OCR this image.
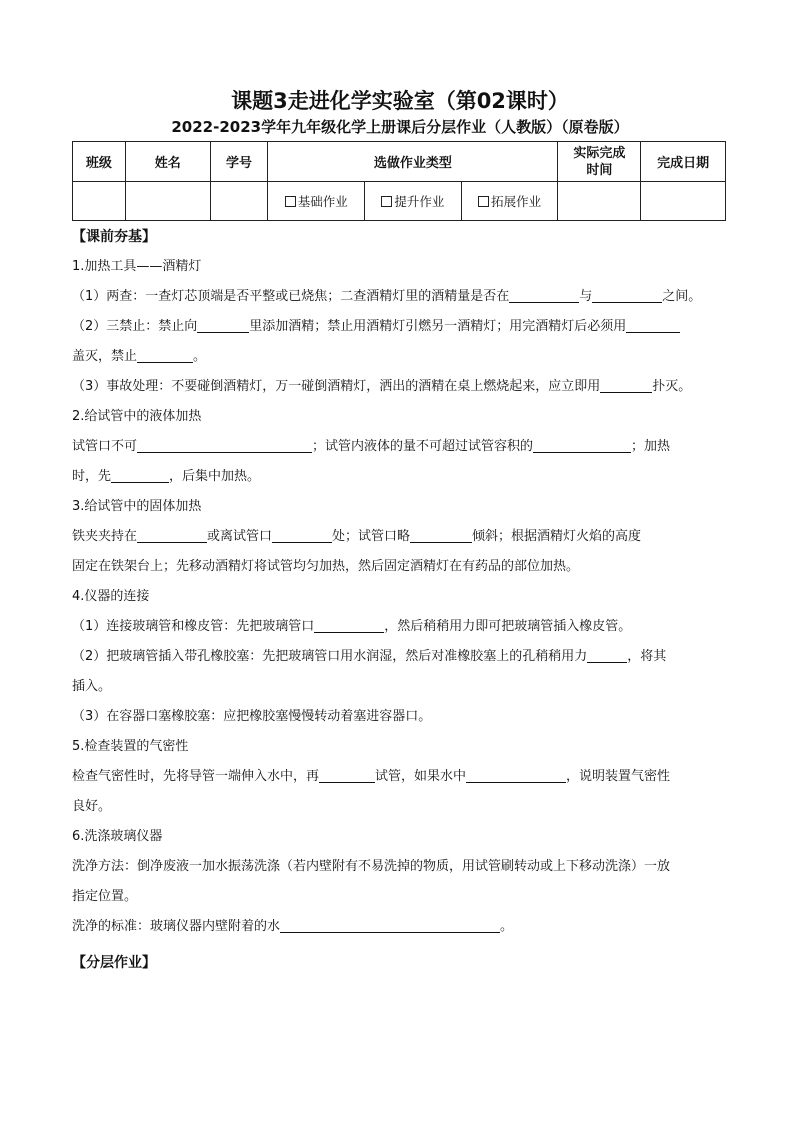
课题3走进化学实验室（第02课时）
2022-2023学年九年级化学上册课后分层作业（人教版）（原卷版）
班级	姓名	学号	选做作业类型			实际完成
时间	完成日期
			基础作业	提升作业	拓展作业		
【课前夯基】

1.加热工具——酒精灯

（1）两查：一查灯芯顶端是否平整或已烧焦；二查酒精灯里的酒精量是否在	与	之间。

（2）三禁止：禁止向	里添加酒精；禁止用酒精灯引燃另一酒精灯；用完酒精灯后必须用

盖灭，禁止	。

（3）事故处理：不要碰倒酒精灯，万一碰倒酒精灯，洒出的酒精在桌上燃烧起来，应立即用	扑灭。

2.给试管中的液体加热

试管口不可	；试管内液体的量不可超过试管容积的	；加热

时，先	，后集中加热。

3.给试管中的固体加热

铁夹夹持在	或离试管口	处；试管口略	倾斜；根据酒精灯火焰的高度

固定在铁架台上；先移动酒精灯将试管均匀加热，然后固定酒精灯在有药品的部位加热。

4.仪器的连接

（1）连接玻璃管和橡皮管：先把玻璃管口	，然后稍稍用力即可把玻璃管插入橡皮管。

（2）把玻璃管插入带孔橡胶塞：先把玻璃管口用水润湿，然后对准橡胶塞上的孔稍稍用力	，将其

插入。

（3）在容器口塞橡胶塞：应把橡胶塞慢慢转动着塞进容器口。

5.检查装置的气密性

检查气密性时，先将导管一端伸入水中，再	试管，如果水中	，说明装置气密性

良好。

6.洗涤玻璃仪器

洗净方法：倒净废液一加水振荡洗涤（若内壁附有不易洗掉的物质，用试管刷转动或上下移动洗涤）一放

指定位置。

洗净的标准：玻璃仪器内壁附着的水	。

【分层作业】
